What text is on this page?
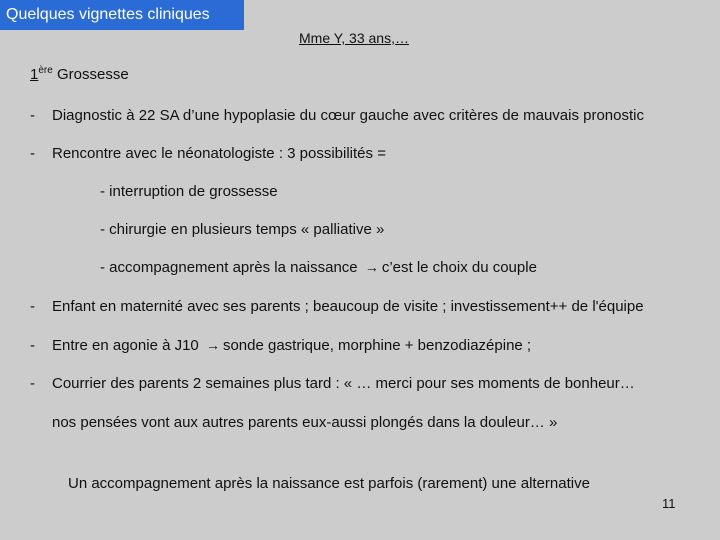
Quelques vignettes cliniques
Mme Y, 33 ans,…
1ère Grossesse
- Diagnostic à 22 SA d’une hypoplasie du cœur gauche avec critères de mauvais pronostic
- Rencontre avec le néonatologiste : 3 possibilités =
- interruption de grossesse
- chirurgie en plusieurs temps « palliative »
- accompagnement après la naissance → c’est le choix du couple
- Enfant en maternité avec ses parents ; beaucoup de visite ; investissement++ de l'équipe
- Entre en agonie à J10 → sonde gastrique, morphine + benzodiazépine ;
- Courrier des parents 2 semaines plus tard : « … merci pour ses moments de bonheur…
nos pensées vont aux autres parents eux-aussi plongés dans la douleur… »
Un accompagnement après la naissance est parfois (rarement) une alternative
11
